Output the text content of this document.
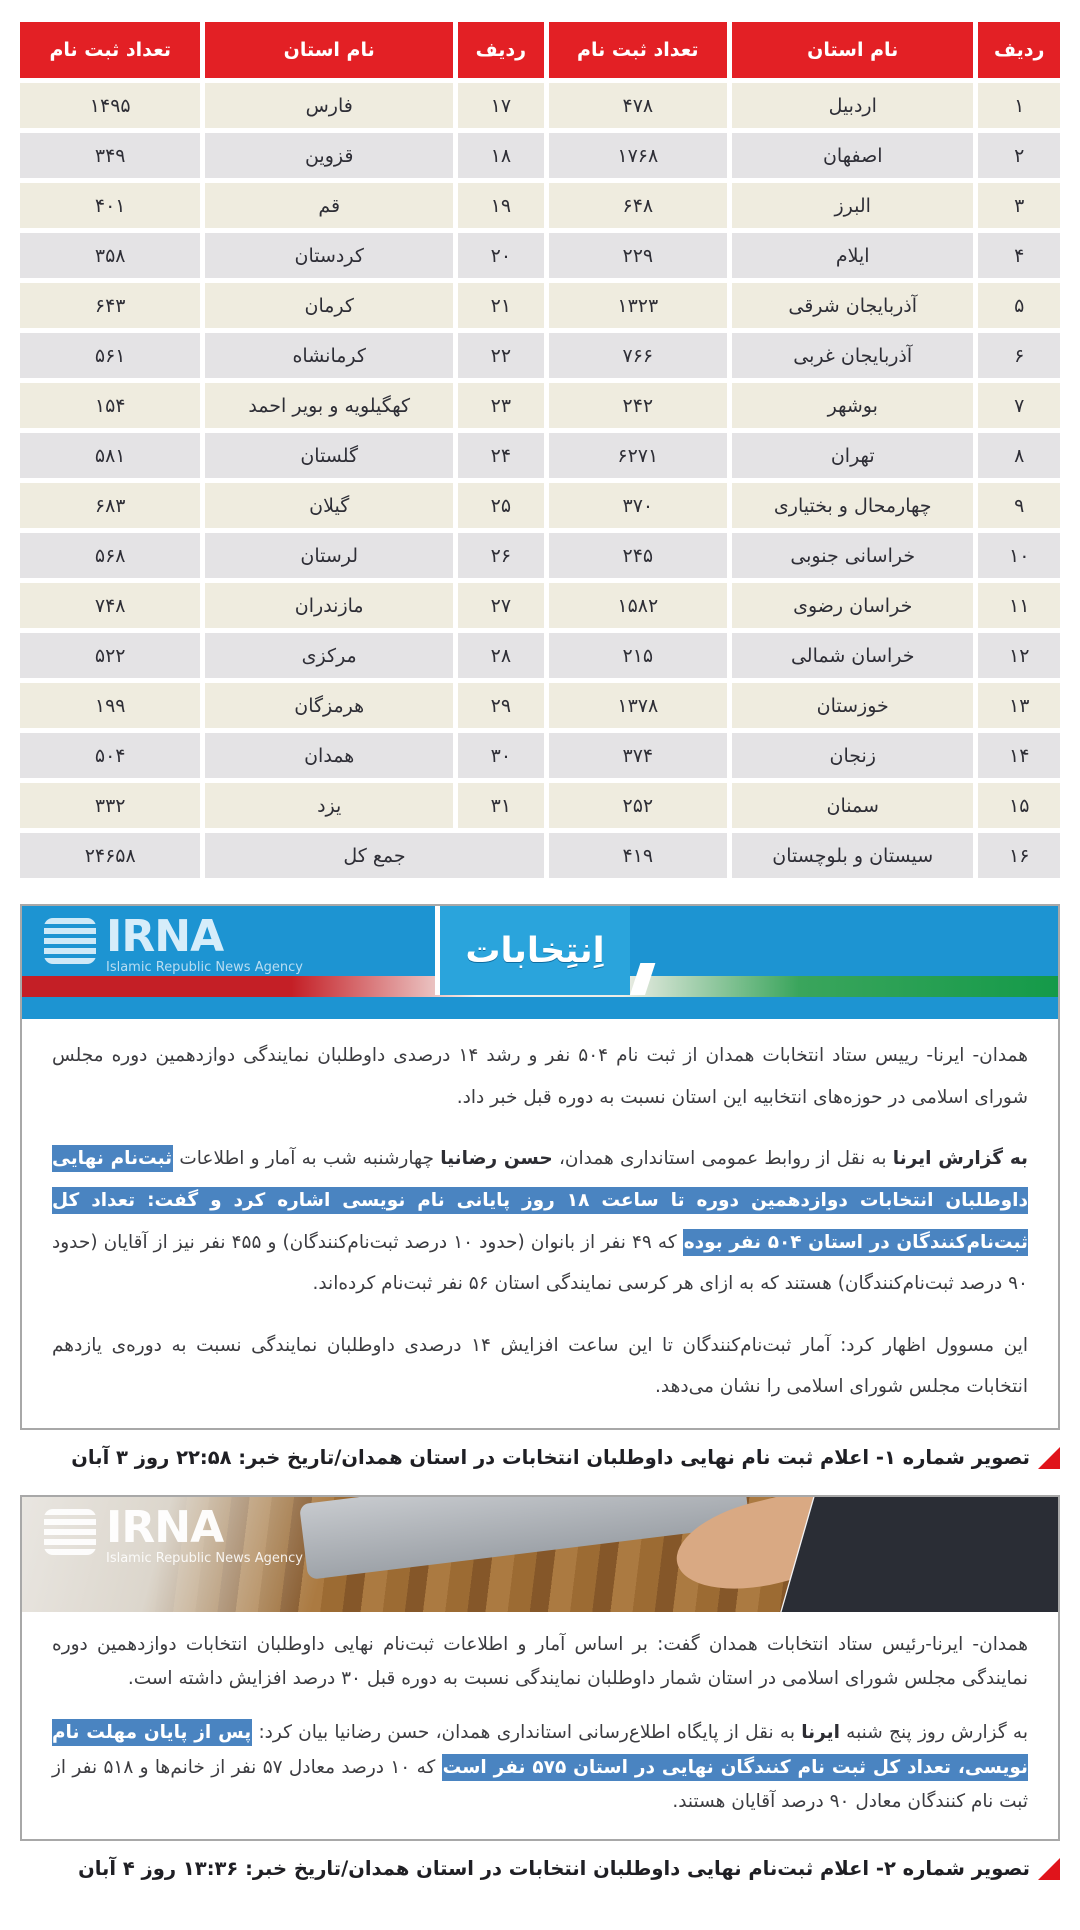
ردیف
نام استان
تعداد ثبت نام
ردیف
نام استان
تعداد ثبت نام
۱
اردبیل
۴۷۸
۱۷
فارس
۱۴۹۵
۲
اصفهان
۱۷۶۸
۱۸
قزوین
۳۴۹
۳
البرز
۶۴۸
۱۹
قم
۴۰۱
۴
ایلام
۲۲۹
۲۰
کردستان
۳۵۸
۵
آذربایجان شرقی
۱۳۲۳
۲۱
کرمان
۶۴۳
۶
آذربایجان غربی
۷۶۶
۲۲
کرمانشاه
۵۶۱
۷
بوشهر
۲۴۲
۲۳
کهگیلویه و بویر احمد
۱۵۴
۸
تهران
۶۲۷۱
۲۴
گلستان
۵۸۱
۹
چهارمحال و بختیاری
۳۷۰
۲۵
گیلان
۶۸۳
۱۰
خراسانی جنوبی
۲۴۵
۲۶
لرستان
۵۶۸
۱۱
خراسان رضوی
۱۵۸۲
۲۷
مازندران
۷۴۸
۱۲
خراسان شمالی
۲۱۵
۲۸
مرکزی
۵۲۲
۱۳
خوزستان
۱۳۷۸
۲۹
هرمزگان
۱۹۹
۱۴
زنجان
۳۷۴
۳۰
همدان
۵۰۴
۱۵
سمنان
۲۵۲
۳۱
یزد
۳۳۲
۱۶
سیستان و بلوچستان
۴۱۹
جمع کل
۲۴۶۵۸
IRNA
Islamic Republic News Agency	اِنتِخابات

همدان- ایرنا- رییس ستاد انتخابات همدان از ثبت نام ۵۰۴ نفر و رشد ۱۴ درصدی داوطلبان نمایندگی دوازدهمین دوره مجلس شورای اسلامی در حوزه‌های انتخابیه این استان نسبت به دوره قبل خبر داد.

به گزارش ایرنا به نقل از روابط عمومی استانداری همدان، حسن رضانیا چهارشنبه شب به آمار و اطلاعات ثبت‌نام نهایی داوطلبان انتخابات دوازدهمین دوره تا ساعت ۱۸ روز پایانی نام نویسی اشاره کرد و گفت: تعداد کل ثبت‌نام‌کنندگان در استان ۵۰۴ نفر بوده که ۴۹ نفر از بانوان (حدود ۱۰ درصد ثبت‌نام‌کنندگان) و ۴۵۵ نفر نیز از آقایان (حدود ۹۰ درصد ثبت‌نام‌کنندگان) هستند که به ازای هر کرسی نمایندگی استان ۵۶ نفر ثبت‌نام کرده‌اند.

این مسوول اظهار کرد: آمار ثبت‌نام‌کنندگان تا این ساعت افزایش ۱۴ درصدی داوطلبان نمایندگی نسبت به دوره‌ی یازدهم انتخابات مجلس شورای اسلامی را نشان می‌دهد.

تصویر شماره ۱- اعلام ثبت نام نهایی داوطلبان انتخابات در استان همدان/تاریخ خبر: ۲۲:۵۸ روز ۳ آبان
IRNA
Islamic Republic News Agency

همدان- ایرنا-رئیس ستاد انتخابات همدان گفت: بر اساس آمار و اطلاعات ثبت‌نام نهایی داوطلبان انتخابات دوازدهمین دوره نمایندگی مجلس شورای اسلامی در استان شمار داوطلبان نمایندگی نسبت به دوره قبل ۳۰ درصد افزایش داشته است.

به گزارش روز پنج شنبه ایرنا به نقل از پایگاه اطلاع‌رسانی استانداری همدان، حسن رضانیا بیان کرد: پس از پایان مهلت نام نویسی، تعداد کل ثبت نام کنندگان نهایی در استان ۵۷۵ نفر است که ۱۰ درصد معادل ۵۷ نفر از خانم‌ها و ۵۱۸ نفر از ثبت نام کنندگان معادل ۹۰ درصد آقایان هستند.

تصویر شماره ۲- اعلام ثبت‌نام نهایی داوطلبان انتخابات در استان همدان/تاریخ خبر: ۱۳:۳۶ روز ۴ آبان
